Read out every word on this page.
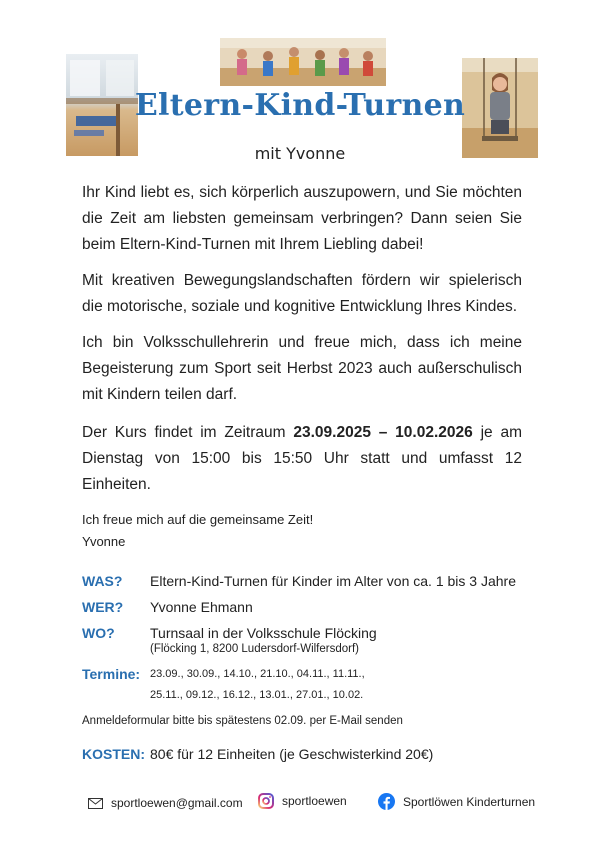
Eltern-Kind-Turnen
mit Yvonne
Ihr Kind liebt es, sich körperlich auszupowern, und Sie möchten die Zeit am liebsten gemeinsam verbringen? Dann seien Sie beim Eltern-Kind-Turnen mit Ihrem Liebling dabei!
Mit kreativen Bewegungslandschaften fördern wir spielerisch die motorische, soziale und kognitive Entwicklung Ihres Kindes.
Ich bin Volksschullehrerin und freue mich, dass ich meine Begeisterung zum Sport seit Herbst 2023 auch außerschulisch mit Kindern teilen darf.
Der Kurs findet im Zeitraum 23.09.2025 – 10.02.2026 je am Dienstag von 15:00 bis 15:50 Uhr statt und umfasst 12 Einheiten.
Ich freue mich auf die gemeinsame Zeit!
Yvonne
WAS? Eltern-Kind-Turnen für Kinder im Alter von ca. 1 bis 3 Jahre
WER? Yvonne Ehmann
WO?	Turnsaal in der Volksschule Flöcking
(Flöcking 1, 8200 Ludersdorf-Wilfersdorf)
Termine: 23.09., 30.09., 14.10., 21.10., 04.11., 11.11.,
25.11., 09.12., 16.12., 13.01., 27.01., 10.02.
Anmeldeformular bitte bis spätestens 02.09. per E-Mail senden
KOSTEN: 80€ für 12 Einheiten (je Geschwisterkind 20€)
sportloewen@gmail.com	sportloewen	Sportlöwen Kinderturnen
